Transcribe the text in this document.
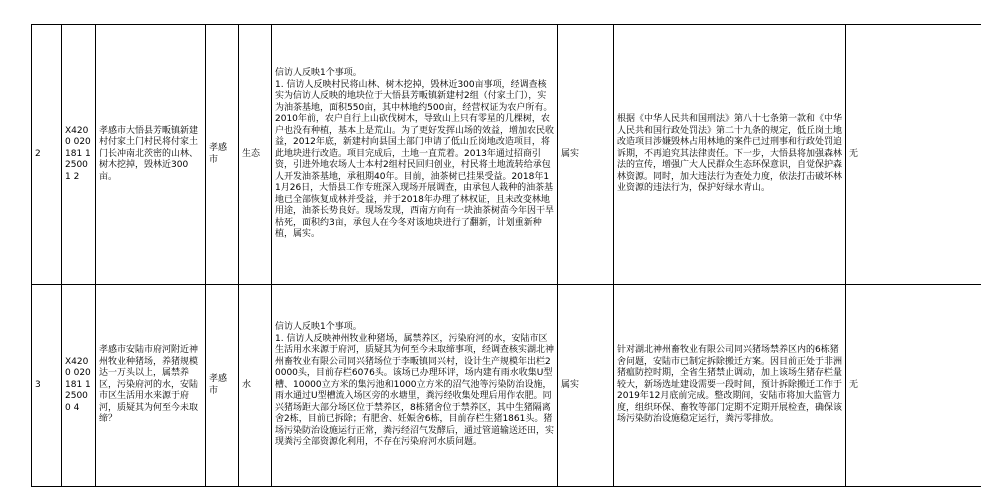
2	X4200 020181 125001 2	孝感市大悟县芳畈镇新建村付家土门村民将付家土门长冲南北茨密的山林、树木挖掉，毁林近300亩。	孝感市	生态	信访人反映1个事项。
1. 信访人反映村民将山林、树木挖掉，毁林近300亩事项，经调查核实为信访人反映的地块位于大悟县芳畈镇新建村2组（付家土门），实为油茶基地，面积550亩，其中林地约500亩，经营权证为农户所有。2010年前，农户自行上山砍伐树木，导致山上只有零星的几棵树，农户也没有种植，基本上是荒山。为了更好发挥山场的效益，增加农民收益，2012年底，新建村向县国土部门申请了低山丘岗地改造项目，将此地块进行改造。项目完成后，土地一直荒着。2013年通过招商引资，引进外地农场人士本村2组村民回归创业，村民将土地流转给承包人开发油茶基地，承租期40年。目前，油茶树已挂果受益。2018年11月26日，大悟县工作专班深入现场开展调查，由承包人栽种的油茶基地已全部恢复成林并受益，并于2018年办理了林权证，且未改变林地用途，油茶长势良好。现场发现，西南方向有一块油茶树苗今年因干旱枯死，面积约3亩，承包人在今冬对该地块进行了翻新，计划重新种植，属实。	属实	根据《中华人民共和国刑法》第八十七条第一款和《中华人民共和国行政处罚法》第二十九条的规定，低丘岗土地改造项目涉嫌毁林占用林地的案件已过刑事和行政处罚追诉期，不再追究其法律责任。下一步，大悟县将加强森林法的宣传，增强广大人民群众生态环保意识，自觉保护森林资源。同时，加大违法行为查处力度，依法打击破坏林业资源的违法行为，保护好绿水青山。	无
3	X4200 020181 125000 4	孝感市安陆市府河附近神州牧业种猪场，养猪规模达一万头以上，属禁养区，污染府河的水，安陆市区生活用水来源于府河，质疑其为何至今未取缔？	孝感市	水	信访人反映1个事项。
1. 信访人反映神州牧业种猪场，属禁养区，污染府河的水，安陆市区生活用水来源于府河，质疑其为何至今未取缔事项，经调查核实湖北神州畜牧业有限公司同兴猪场位于李畈镇同兴村，设计生产规模年出栏20000头，目前存栏6076头。该场已办理环评，场内建有雨水收集U型槽、10000立方米的集污池和1000立方米的沼气池等污染防治设施，雨水通过U型槽流入场区旁的水塘里，粪污经收集处理后用作农肥。同兴猪场距大部分场区位于禁养区，8栋猪舍位于禁养区，其中生猪隔离舍2栋，目前已拆除；有肥舍、妊娠舍6栋，目前存栏生猪1861头。猪场污染防治设施运行正常，粪污经沼气发酵后，通过管道输送还田，实现粪污全部资源化利用，不存在污染府河水质问题。	属实	针对湖北神州畜牧业有限公司同兴猪场禁养区内的6栋猪舍问题，安陆市已制定拆除搬迁方案。因目前正处于非洲猪瘟防控时期，全省生猪禁止调动，加上该场生猪存栏量较大，新场选址建设需要一段时间，预计拆除搬迁工作于2019年12月底前完成。整改期间，安陆市将加大监管力度，组织环保、畜牧等部门定期不定期开展检查，确保该场污染防治设施稳定运行，粪污零排放。	无
